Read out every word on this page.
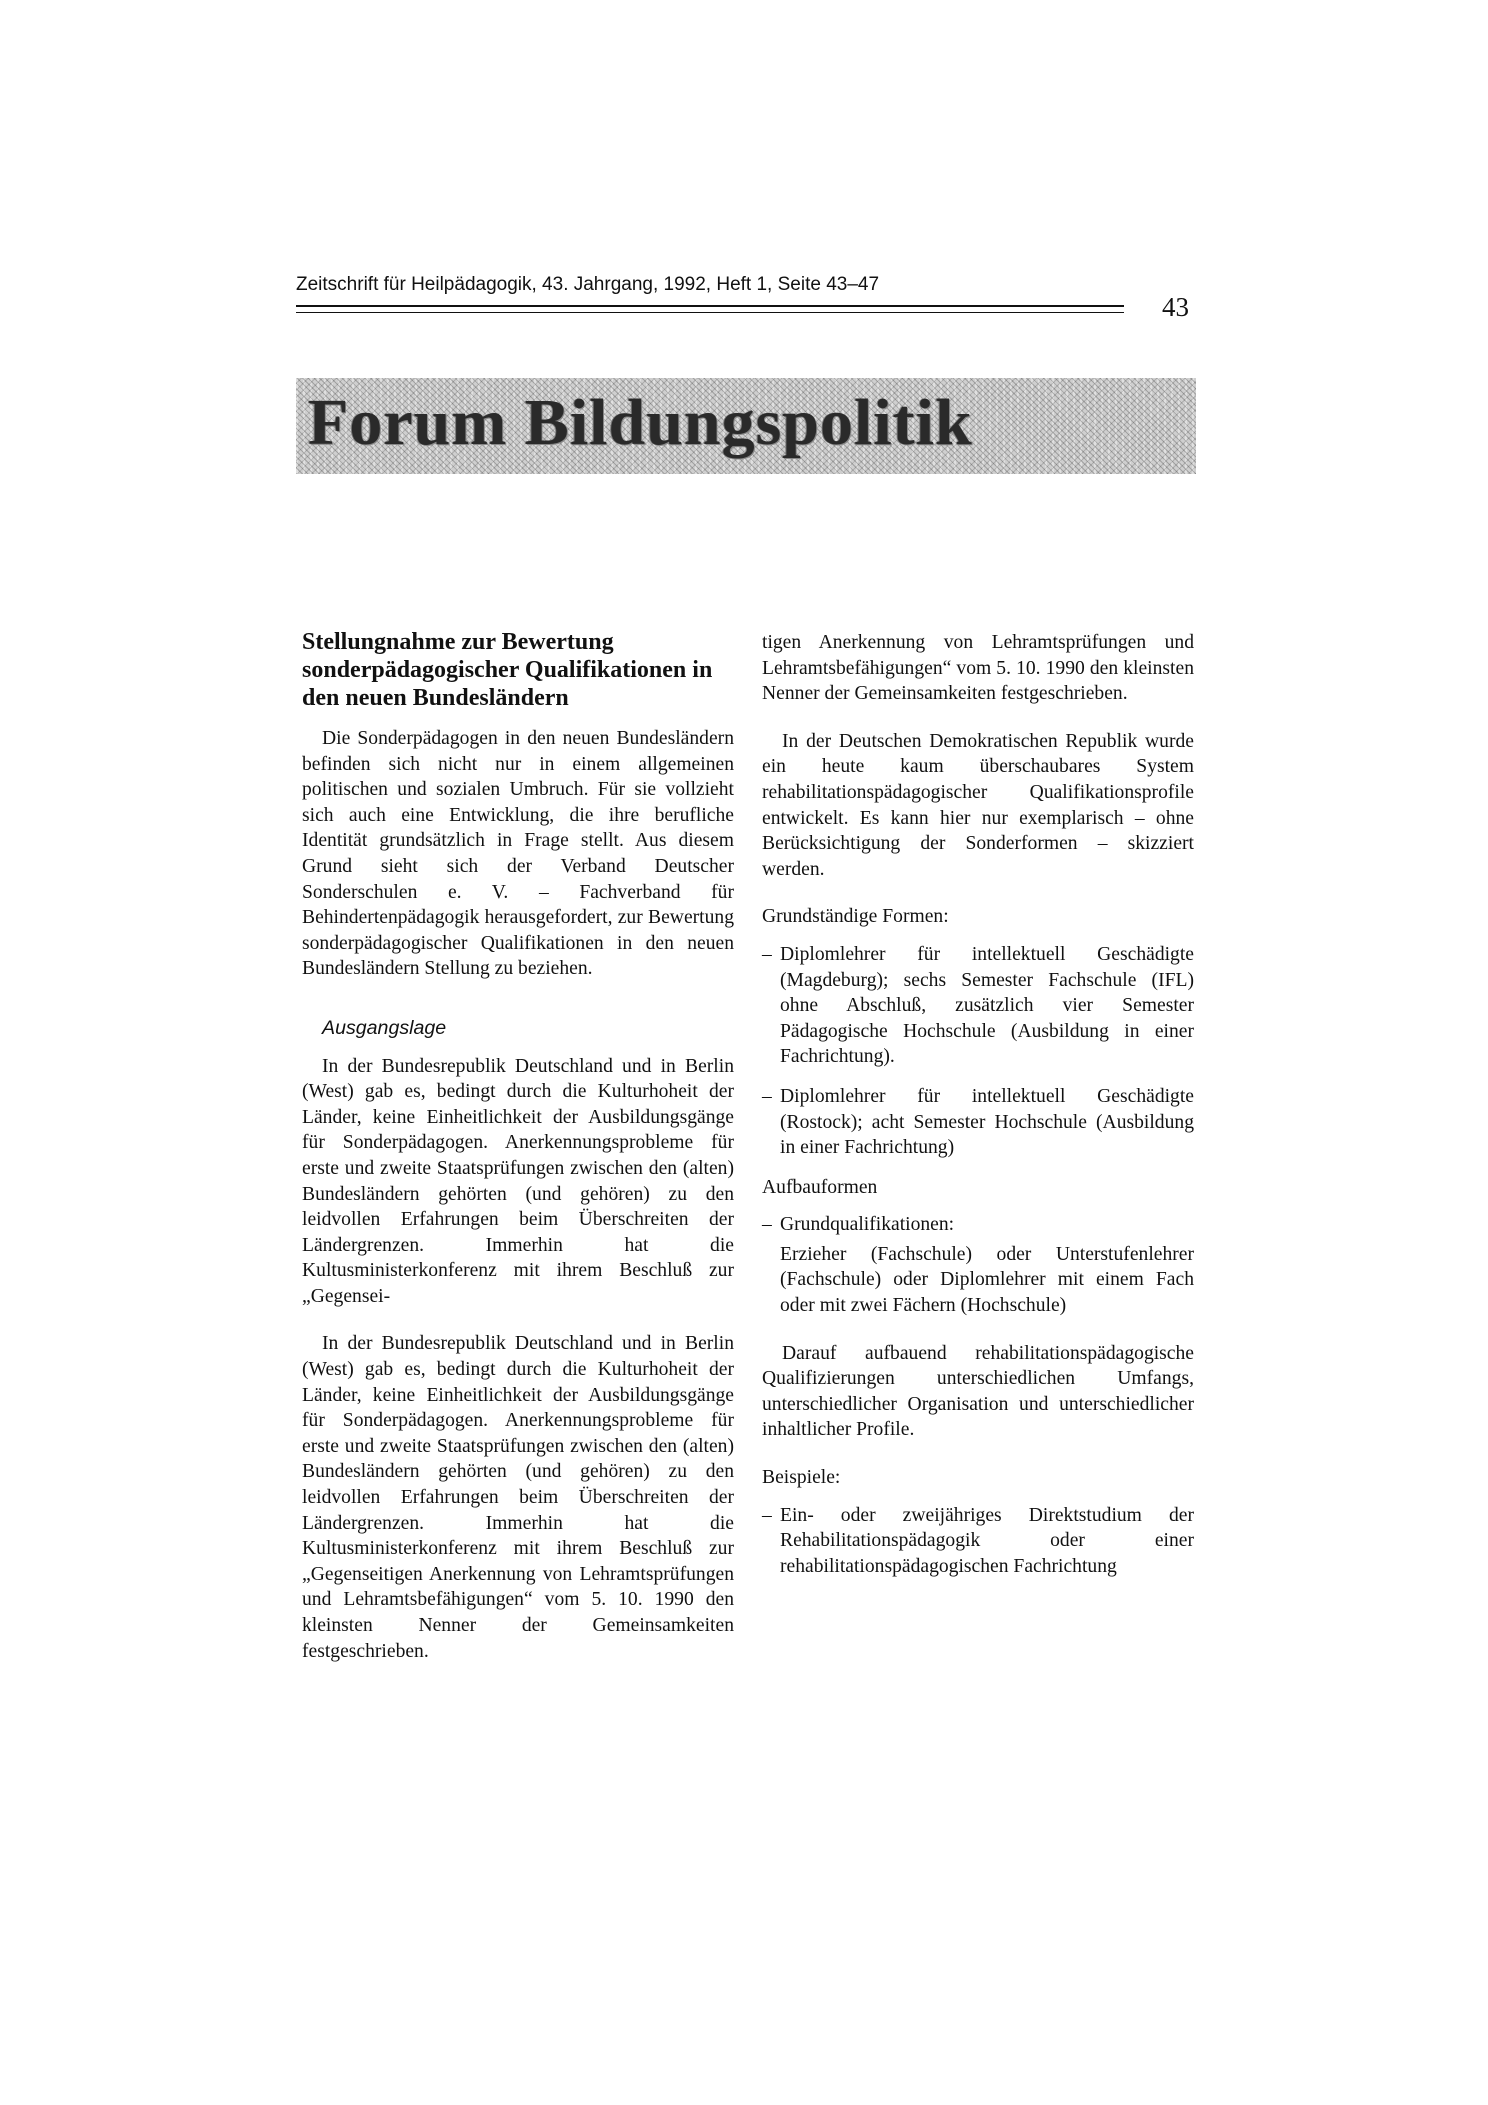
Zeitschrift für Heilpädagogik, 43. Jahrgang, 1992, Heft 1, Seite 43–47
43
Forum Bildungspolitik
Stellungnahme zur Bewertung sonderpädagogischer Qualifikationen in den neuen Bundesländern

Die Sonderpädagogen in den neuen Bundesländern befinden sich nicht nur in einem allgemeinen politischen und sozialen Umbruch. Für sie vollzieht sich auch eine Entwicklung, die ihre berufliche Identität grundsätzlich in Frage stellt. Aus diesem Grund sieht sich der Verband Deutscher Sonderschulen e. V. – Fachverband für Behindertenpädagogik herausgefordert, zur Bewertung sonderpädagogischer Qualifikationen in den neuen Bundesländern Stellung zu beziehen.

Ausgangslage

In der Bundesrepublik Deutschland und in Berlin (West) gab es, bedingt durch die Kulturhoheit der Länder, keine Einheitlichkeit der Ausbildungsgänge für Sonderpädagogen. Anerkennungsprobleme für erste und zweite Staatsprüfungen zwischen den (alten) Bundesländern gehörten (und gehören) zu den leidvollen Erfahrungen beim Überschreiten der Ländergrenzen. Immerhin hat die Kultusministerkonferenz mit ihrem Beschluß zur „Gegensei-

In der Bundesrepublik Deutschland und in Berlin (West) gab es, bedingt durch die Kulturhoheit der Länder, keine Einheitlichkeit der Ausbildungsgänge für Sonderpädagogen. Anerkennungsprobleme für erste und zweite Staatsprüfungen zwischen den (alten) Bundesländern gehörten (und gehören) zu den leidvollen Erfahrungen beim Überschreiten der Ländergrenzen. Immerhin hat die Kultusministerkonferenz mit ihrem Beschluß zur „Gegenseitigen Anerkennung von Lehramtsprüfungen und Lehramtsbefähigungen“ vom 5. 10. 1990 den kleinsten Nenner der Gemeinsamkeiten festgeschrieben.

tigen Anerkennung von Lehramtsprüfungen und Lehramtsbefähigungen“ vom 5. 10. 1990 den kleinsten Nenner der Gemeinsamkeiten festgeschrieben.

In der Deutschen Demokratischen Republik wurde ein heute kaum überschaubares System rehabilitationspädagogischer Qualifikationsprofile entwickelt. Es kann hier nur exemplarisch – ohne Berücksichtigung der Sonderformen – skizziert werden.

Grundständige Formen:

– Diplomlehrer für intellektuell Geschädigte (Magdeburg); sechs Semester Fachschule (IFL) ohne Abschluß, zusätzlich vier Semester Pädagogische Hochschule (Ausbildung in einer Fachrichtung).
– Diplomlehrer für intellektuell Geschädigte (Rostock); acht Semester Hochschule (Ausbildung in einer Fachrichtung)

Aufbauformen

– Grundqualifikationen:
Erzieher (Fachschule) oder Unterstufenlehrer (Fachschule) oder Diplomlehrer mit einem Fach oder mit zwei Fächern (Hochschule)

Darauf aufbauend rehabilitationspädagogische Qualifizierungen unterschiedlichen Umfangs, unterschiedlicher Organisation und unterschiedlicher inhaltlicher Profile.

Beispiele:

– Ein- oder zweijähriges Direktstudium der Rehabilitationspädagogik oder einer rehabilitationspädagogischen Fachrichtung
